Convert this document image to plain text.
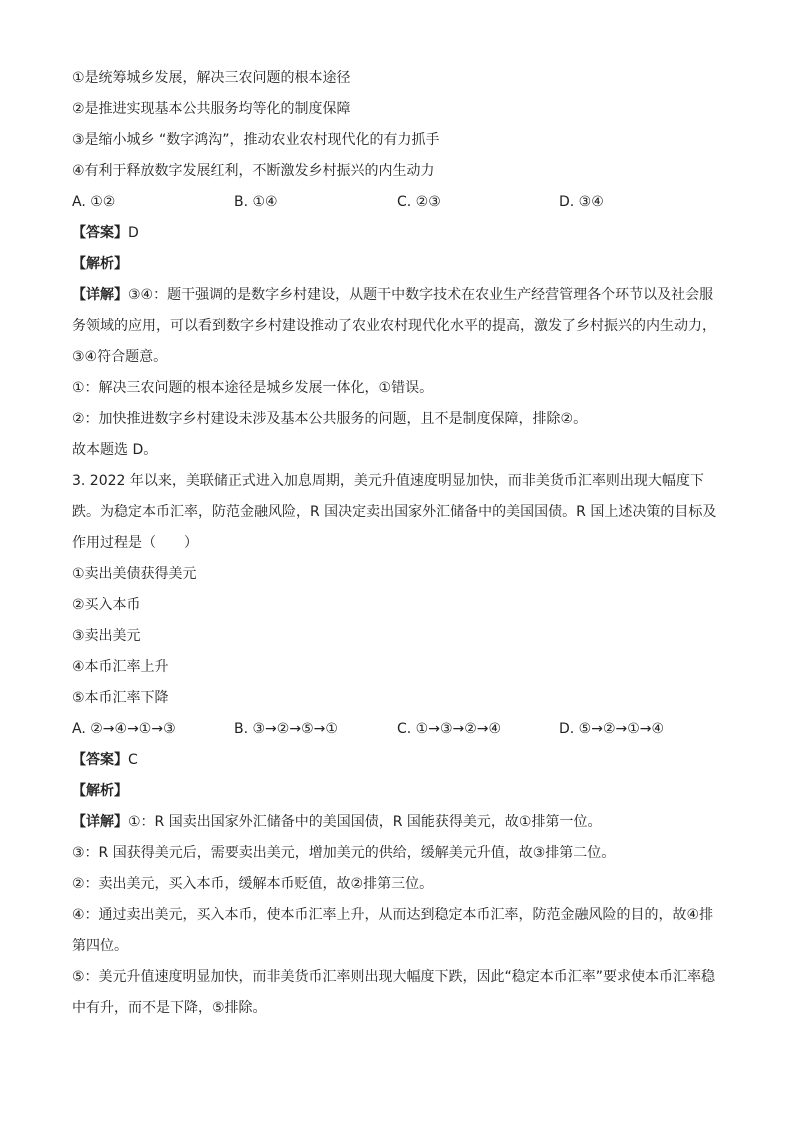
①是统筹城乡发展，解决三农问题的根本途径
②是推进实现基本公共服务均等化的制度保障
③是缩小城乡 “数字鸿沟”，推动农业农村现代化的有力抓手
④有利于释放数字发展红利，不断激发乡村振兴的内生动力
A. ①②	B. ①④	C. ②③	D. ③④
【答案】D
【解析】
【详解】③④：题干强调的是数字乡村建设，从题干中数字技术在农业生产经营管理各个环节以及社会服务领域的应用，可以看到数字乡村建设推动了农业农村现代化水平的提高，激发了乡村振兴的内生动力，③④符合题意。
①：解决三农问题的根本途径是城乡发展一体化，①错误。
②：加快推进数字乡村建设未涉及基本公共服务的问题，且不是制度保障，排除②。
故本题选 D。
3. 2022 年以来，美联储正式进入加息周期，美元升值速度明显加快，而非美货币汇率则出现大幅度下跌。为稳定本币汇率，防范金融风险，R 国决定卖出国家外汇储备中的美国国债。R 国上述决策的目标及作用过程是（　　）
①卖出美债获得美元
②买入本币
③卖出美元
④本币汇率上升
⑤本币汇率下降
A. ②→④→①→③	B. ③→②→⑤→①	C. ①→③→②→④	D. ⑤→②→①→④
【答案】C
【解析】
【详解】①：R 国卖出国家外汇储备中的美国国债，R 国能获得美元，故①排第一位。
③：R 国获得美元后，需要卖出美元，增加美元的供给，缓解美元升值，故③排第二位。
②：卖出美元，买入本币，缓解本币贬值，故②排第三位。
④：通过卖出美元，买入本币，使本币汇率上升，从而达到稳定本币汇率，防范金融风险的目的，故④排第四位。
⑤：美元升值速度明显加快，而非美货币汇率则出现大幅度下跌，因此“稳定本币汇率”要求使本币汇率稳中有升，而不是下降，⑤排除。
